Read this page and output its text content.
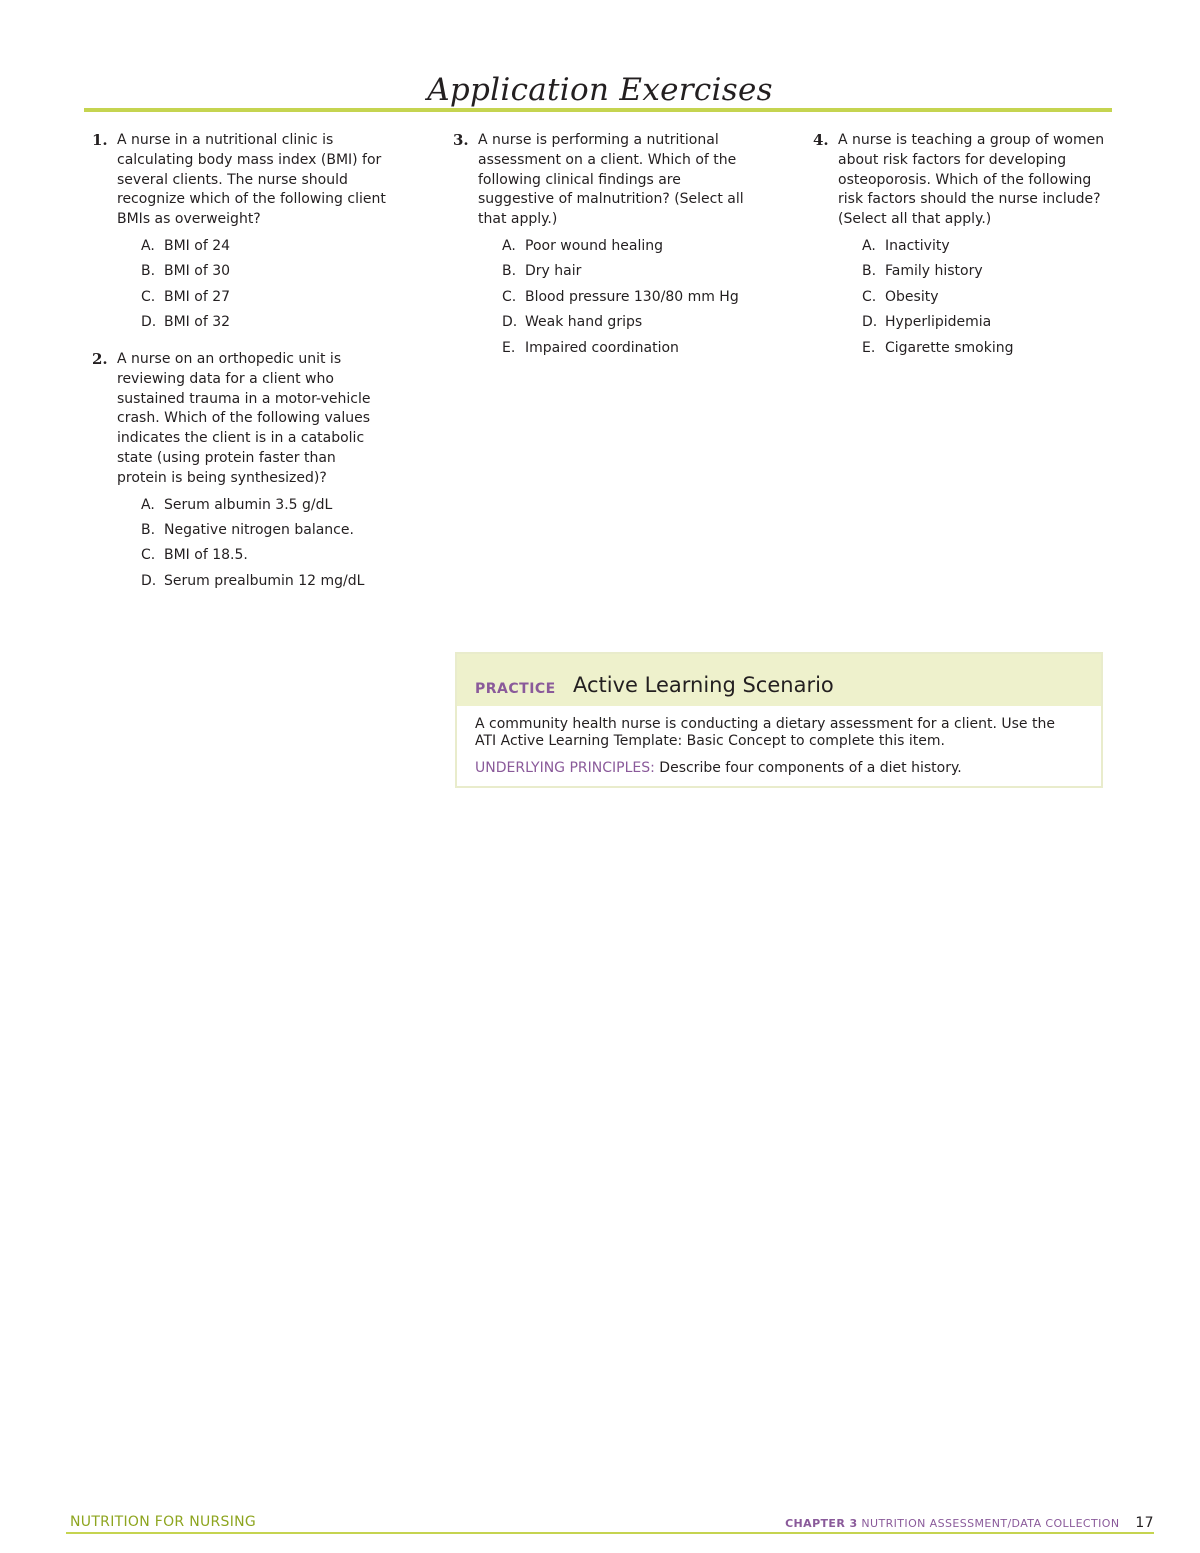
Application Exercises
1. A nurse in a nutritional clinic is calculating body mass index (BMI) for several clients. The nurse should recognize which of the following client BMIs as overweight?
A. BMI of 24
B. BMI of 30
C. BMI of 27
D. BMI of 32
2. A nurse on an orthopedic unit is reviewing data for a client who sustained trauma in a motor-vehicle crash. Which of the following values indicates the client is in a catabolic state (using protein faster than protein is being synthesized)?
A. Serum albumin 3.5 g/dL
B. Negative nitrogen balance.
C. BMI of 18.5.
D. Serum prealbumin 12 mg/dL
3. A nurse is performing a nutritional assessment on a client. Which of the following clinical findings are suggestive of malnutrition? (Select all that apply.)
A. Poor wound healing
B. Dry hair
C. Blood pressure 130/80 mm Hg
D. Weak hand grips
E. Impaired coordination
4. A nurse is teaching a group of women about risk factors for developing osteoporosis. Which of the following risk factors should the nurse include? (Select all that apply.)
A. Inactivity
B. Family history
C. Obesity
D. Hyperlipidemia
E. Cigarette smoking
PRACTICE Active Learning Scenario
A community health nurse is conducting a dietary assessment for a client. Use the ATI Active Learning Template: Basic Concept to complete this item.
UNDERLYING PRINCIPLES: Describe four components of a diet history.
NUTRITION FOR NURSING	CHAPTER 3 NUTRITION ASSESSMENT/DATA COLLECTION 17
